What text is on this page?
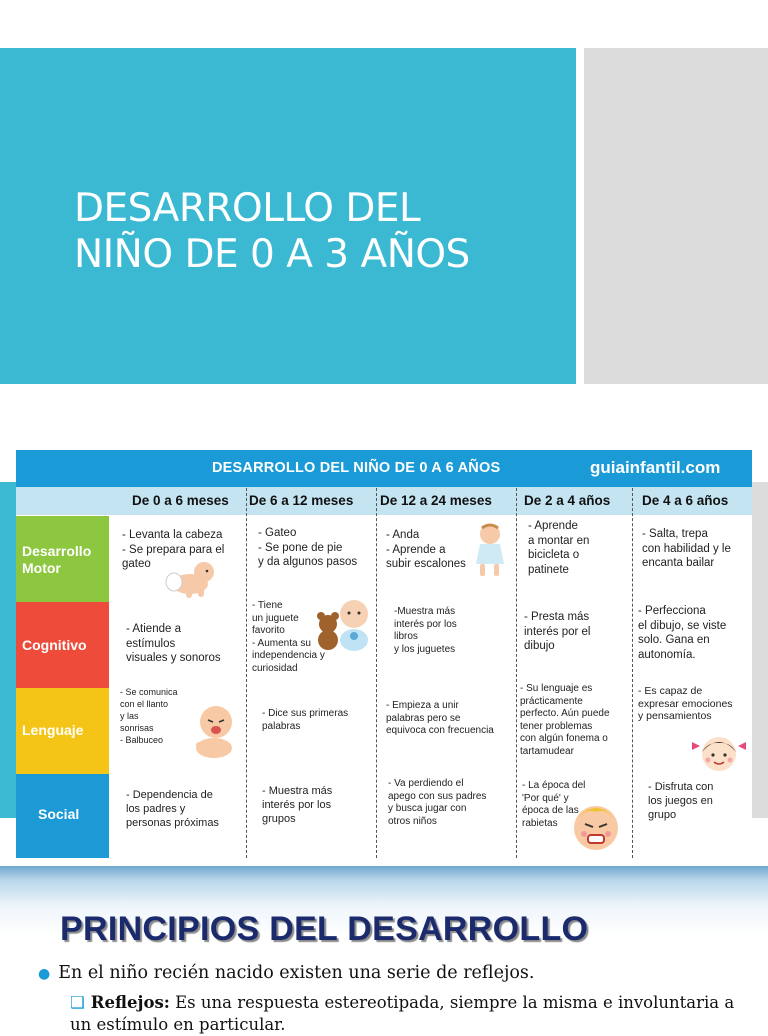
DESARROLLO DEL
NIÑO DE 0 A 3 AÑOS
DESARROLLO DEL NIÑO DE 0 A 6 AÑOS	guiainfantil.com
De 0 a 6 meses De 6 a 12 meses De 12 a 24 meses De 2 a 4 años De 4 a 6 años
Desarrollo
Motor
Cognitivo
Lenguaje
Social
- Levanta la cabeza
- Se prepara para el
gateo
- Gateo
- Se pone de pie
y da algunos pasos
- Anda
- Aprende a
subir escalones
- Aprende
a montar en
bicicleta o
patinete
- Salta, trepa
con habilidad y le
encanta bailar
- Atiende a
estímulos
visuales y sonoros
- Tiene
un juguete
favorito
- Aumenta su
independencia y
curiosidad
-Muestra más
interés por los
libros
y los juguetes
- Presta más
interés por el
dibujo
- Perfecciona
el dibujo, se viste
solo. Gana en
autonomía.
- Se comunica
con el llanto
y las
sonrisas
- Balbuceo
- Dice sus primeras
palabras
- Empieza a unir
palabras pero se
equivoca con frecuencia
- Su lenguaje es
prácticamente
perfecto. Aún puede
tener problemas
con algún fonema o
tartamudear
- Es capaz de
expresar emociones
y pensamientos
- Dependencia de
los padres y
personas próximas
- Muestra más
interés por los
grupos
- Va perdiendo el
apego con sus padres
y busca jugar con
otros niños
- La época del
'Por qué' y
época de las
rabietas
- Disfruta con
los juegos en
grupo
PRINCIPIOS DEL DESARROLLO
● En el niño recién nacido existen una serie de reflejos.
❑ Reflejos: Es una respuesta estereotipada, siempre la misma e involuntaria a un estímulo en particular.
